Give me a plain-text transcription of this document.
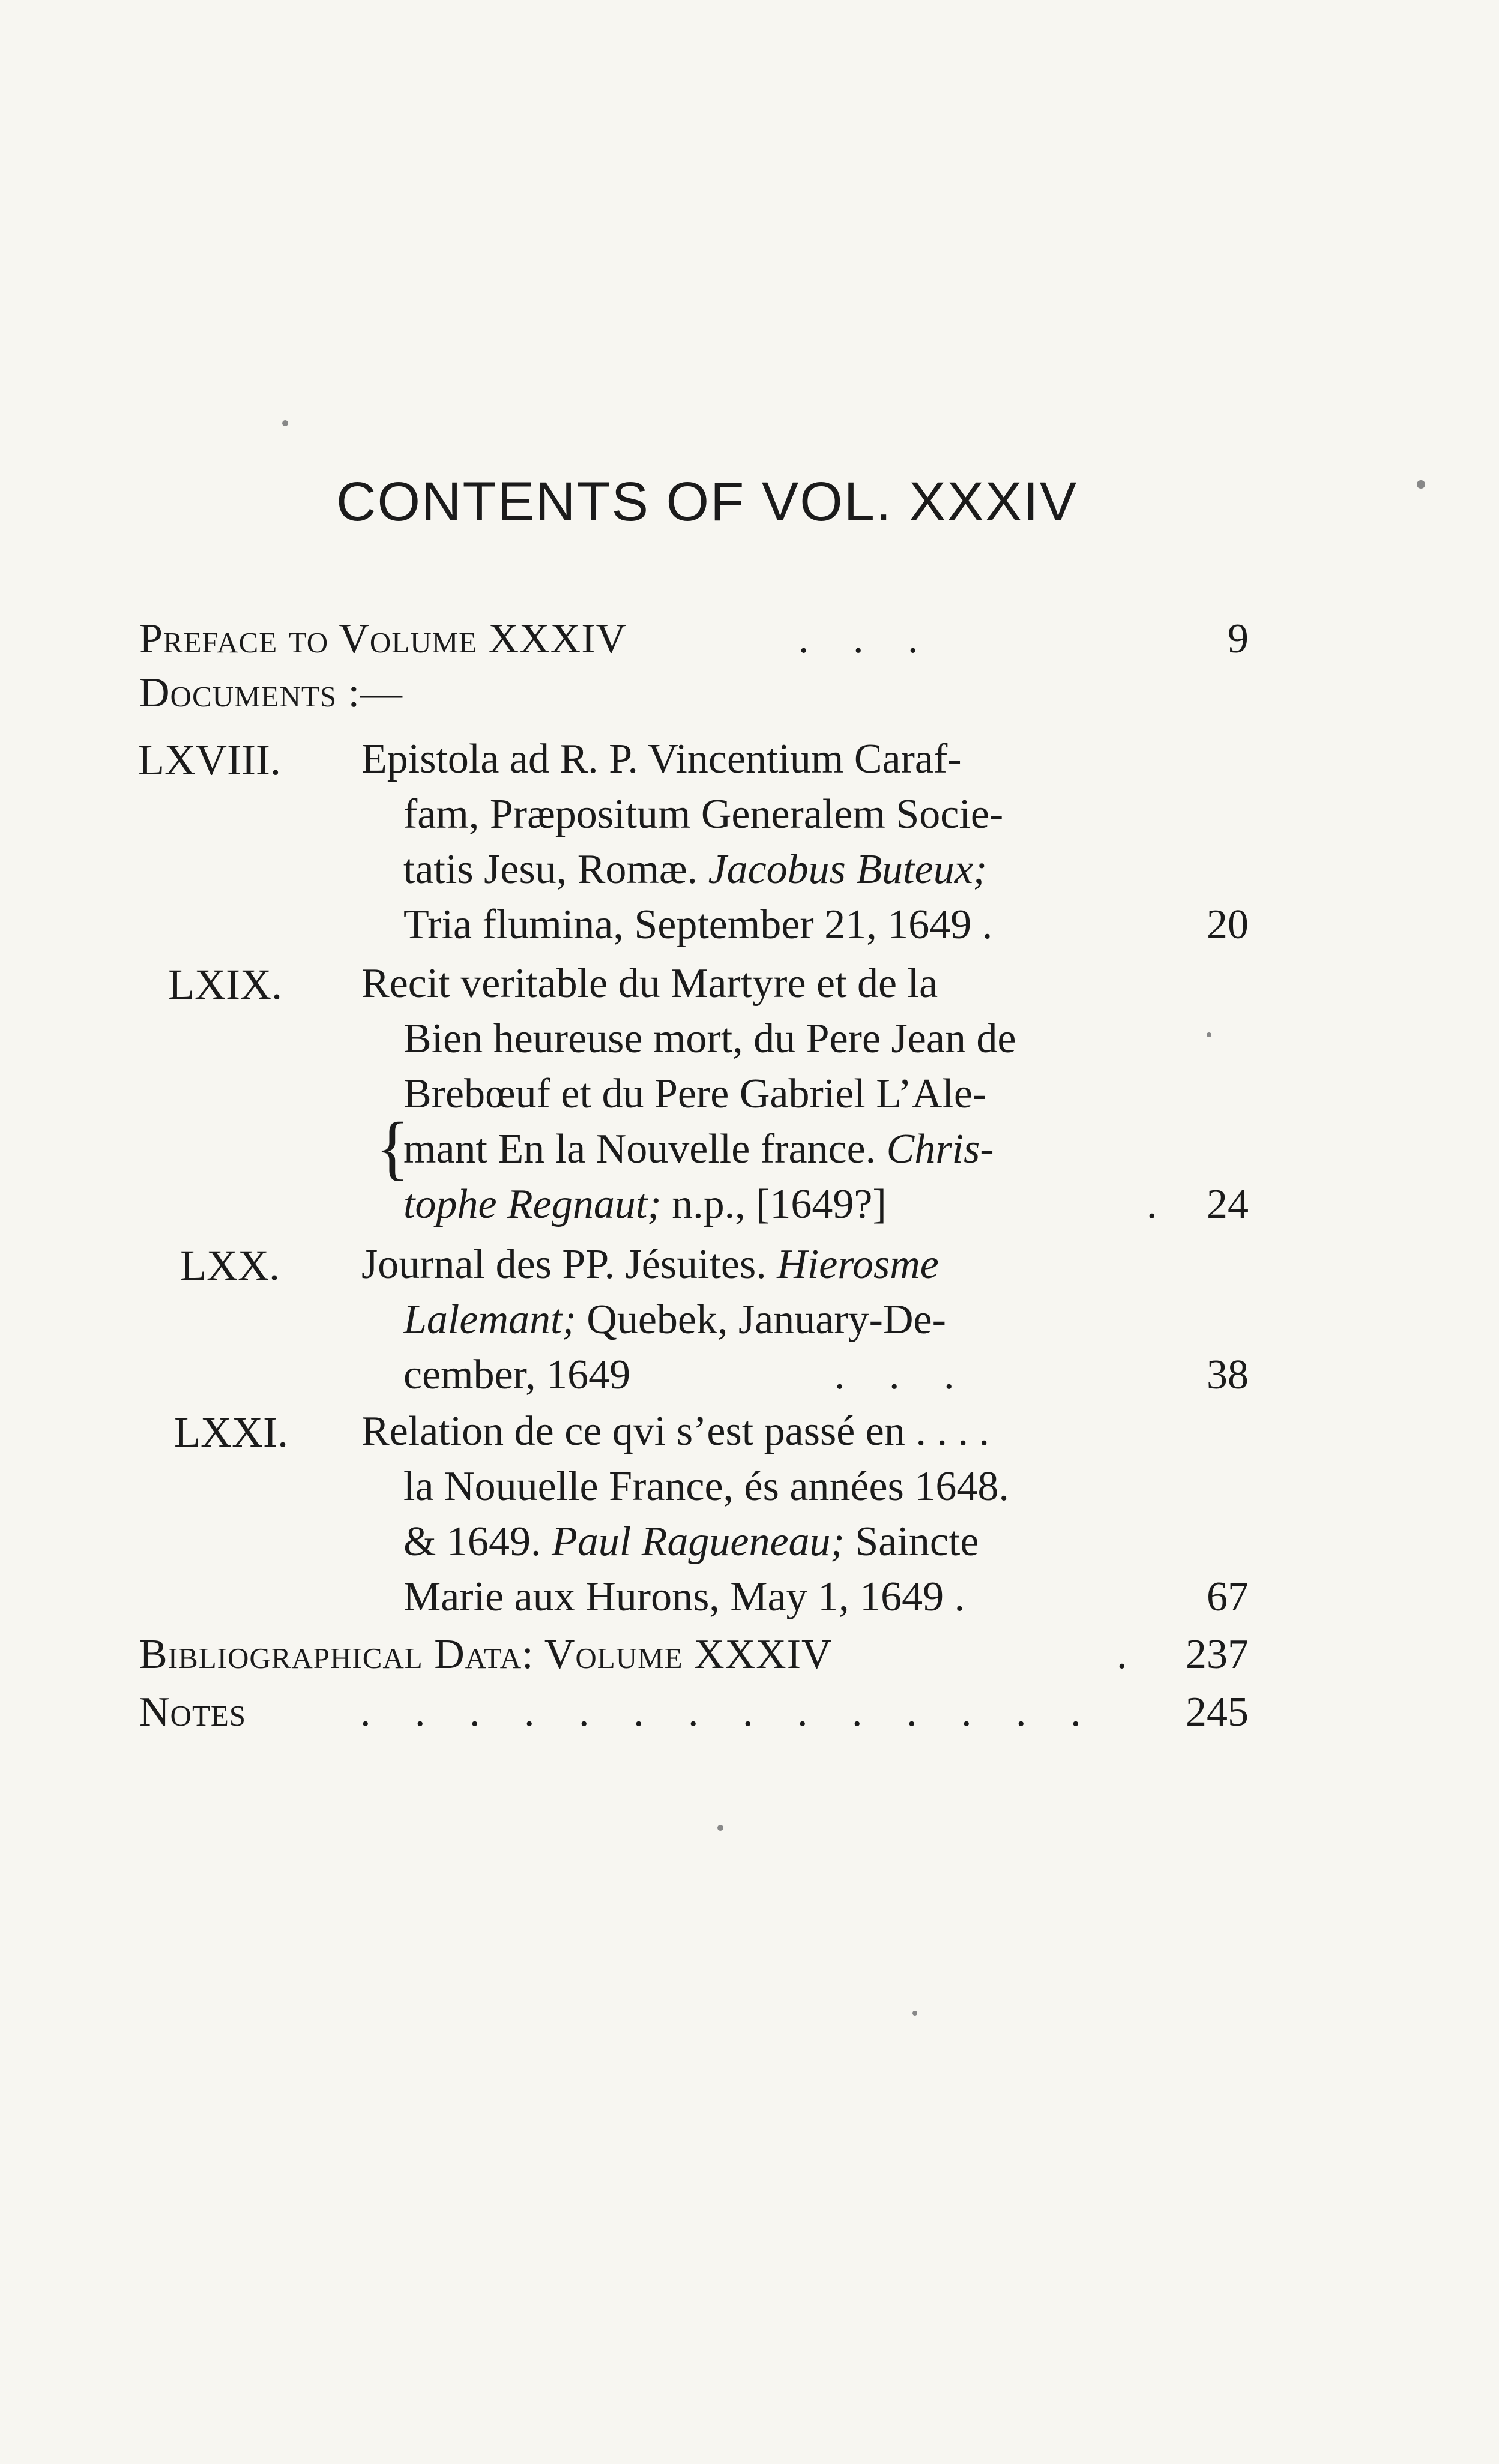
CONTENTS OF VOL. XXXIV
Preface to Volume XXXIV	. . .	9
Documents :—
LXVIII. Epistola ad R. P. Vincentium Caraf-
fam, Præpositum Generalem Socie-
tatis Jesu, Romæ. Jacobus Buteux;
Tria flumina, September 21, 1649 .	20
LXIX. Recit veritable du Martyre et de la
Bien heureuse mort, du Pere Jean de
Brebœuf et du Pere Gabriel L’Ale-
{
mant En la Nouvelle france. Chris-
tophe Regnaut; n.p., [1649?]	. 24
LXX. Journal des PP. Jésuites. Hierosme
Lalemant; Quebek, January-De-
cember, 1649	. . .	38
LXXI. Relation de ce qvi s’est passé en . . . .
la Nouuelle France, és années 1648.
& 1649. Paul Ragueneau; Saincte
Marie aux Hurons, May 1, 1649 .	67
Bibliographical Data: Volume XXXIV	. 237
Notes	. . . . . . . . . . . . . .	245
